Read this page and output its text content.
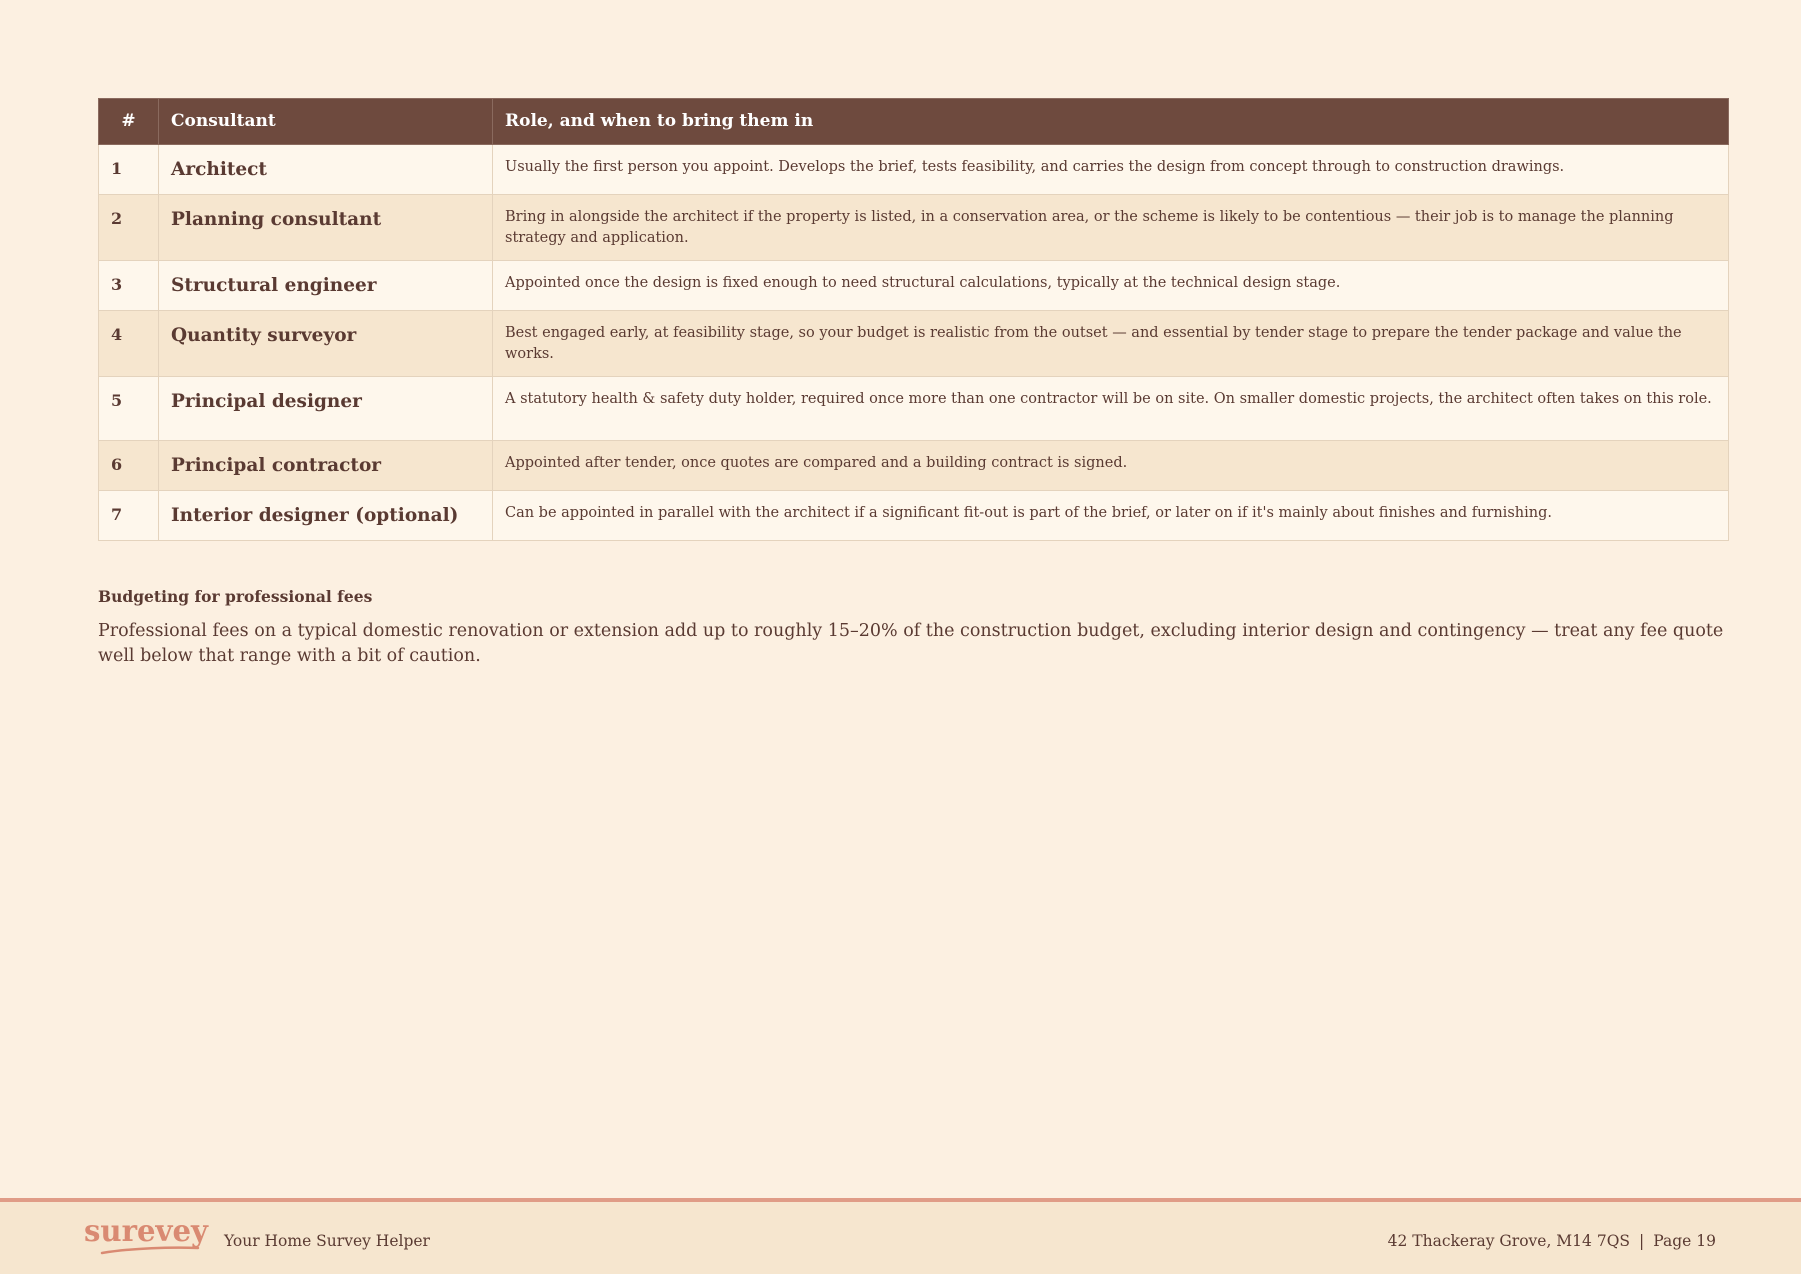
#	Consultant	Role, and when to bring them in
1	Architect	Usually the first person you appoint. Develops the brief, tests feasibility, and carries the design from concept through to construction drawings.
2	Planning consultant	Bring in alongside the architect if the property is listed, in a conservation area, or the scheme is likely to be contentious — their job is to manage the planning strategy and application.
3	Structural engineer	Appointed once the design is fixed enough to need structural calculations, typically at the technical design stage.
4	Quantity surveyor	Best engaged early, at feasibility stage, so your budget is realistic from the outset — and essential by tender stage to prepare the tender package and value the works.
5	Principal designer	A statutory health & safety duty holder, required once more than one contractor will be on site. On smaller domestic projects, the architect often takes on this role.
6	Principal contractor	Appointed after tender, once quotes are compared and a building contract is signed.
7	Interior designer (optional)	Can be appointed in parallel with the architect if a significant fit-out is part of the brief, or later on if it's mainly about finishes and furnishing.
Budgeting for professional fees

Professional fees on a typical domestic renovation or extension add up to roughly 15–20% of the construction budget, excluding interior design and contingency — treat any fee quote well below that range with a bit of caution.

surevey Your Home Survey Helper	42 Thackeray Grove, M14 7QS | Page 19
